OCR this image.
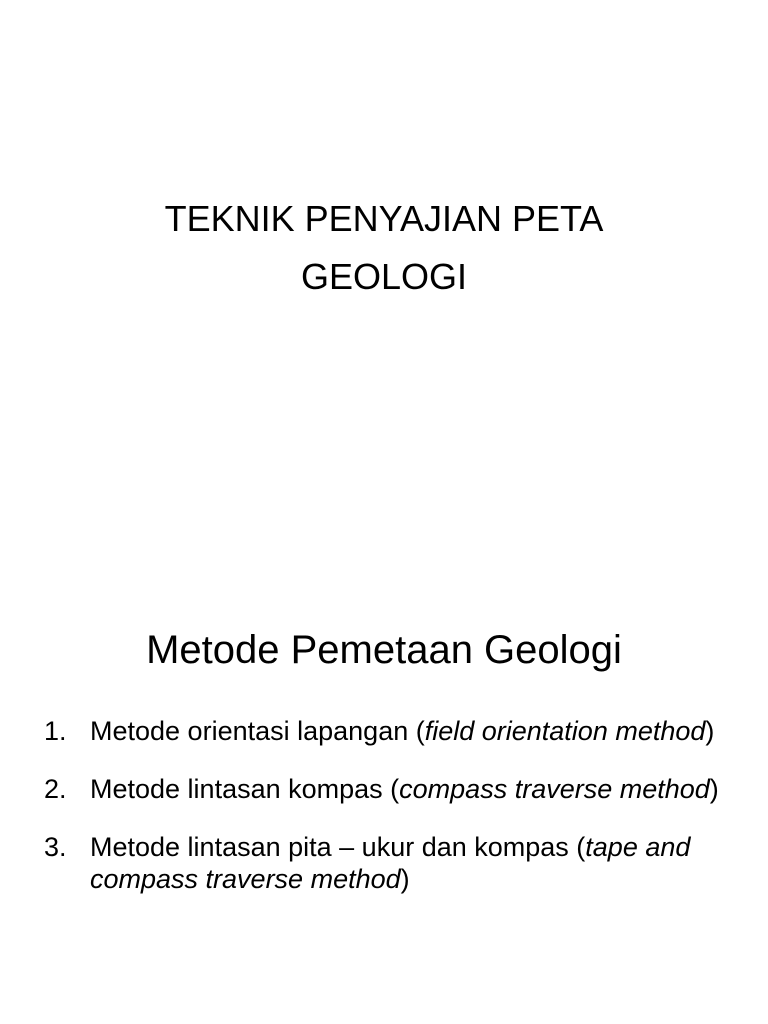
TEKNIK PENYAJIAN PETA
GEOLOGI
Metode Pemetaan Geologi
1. Metode orientasi lapangan (field orientation method)
2. Metode lintasan kompas (compass traverse method)
3. Metode lintasan pita – ukur dan kompas (tape and compass traverse method)
